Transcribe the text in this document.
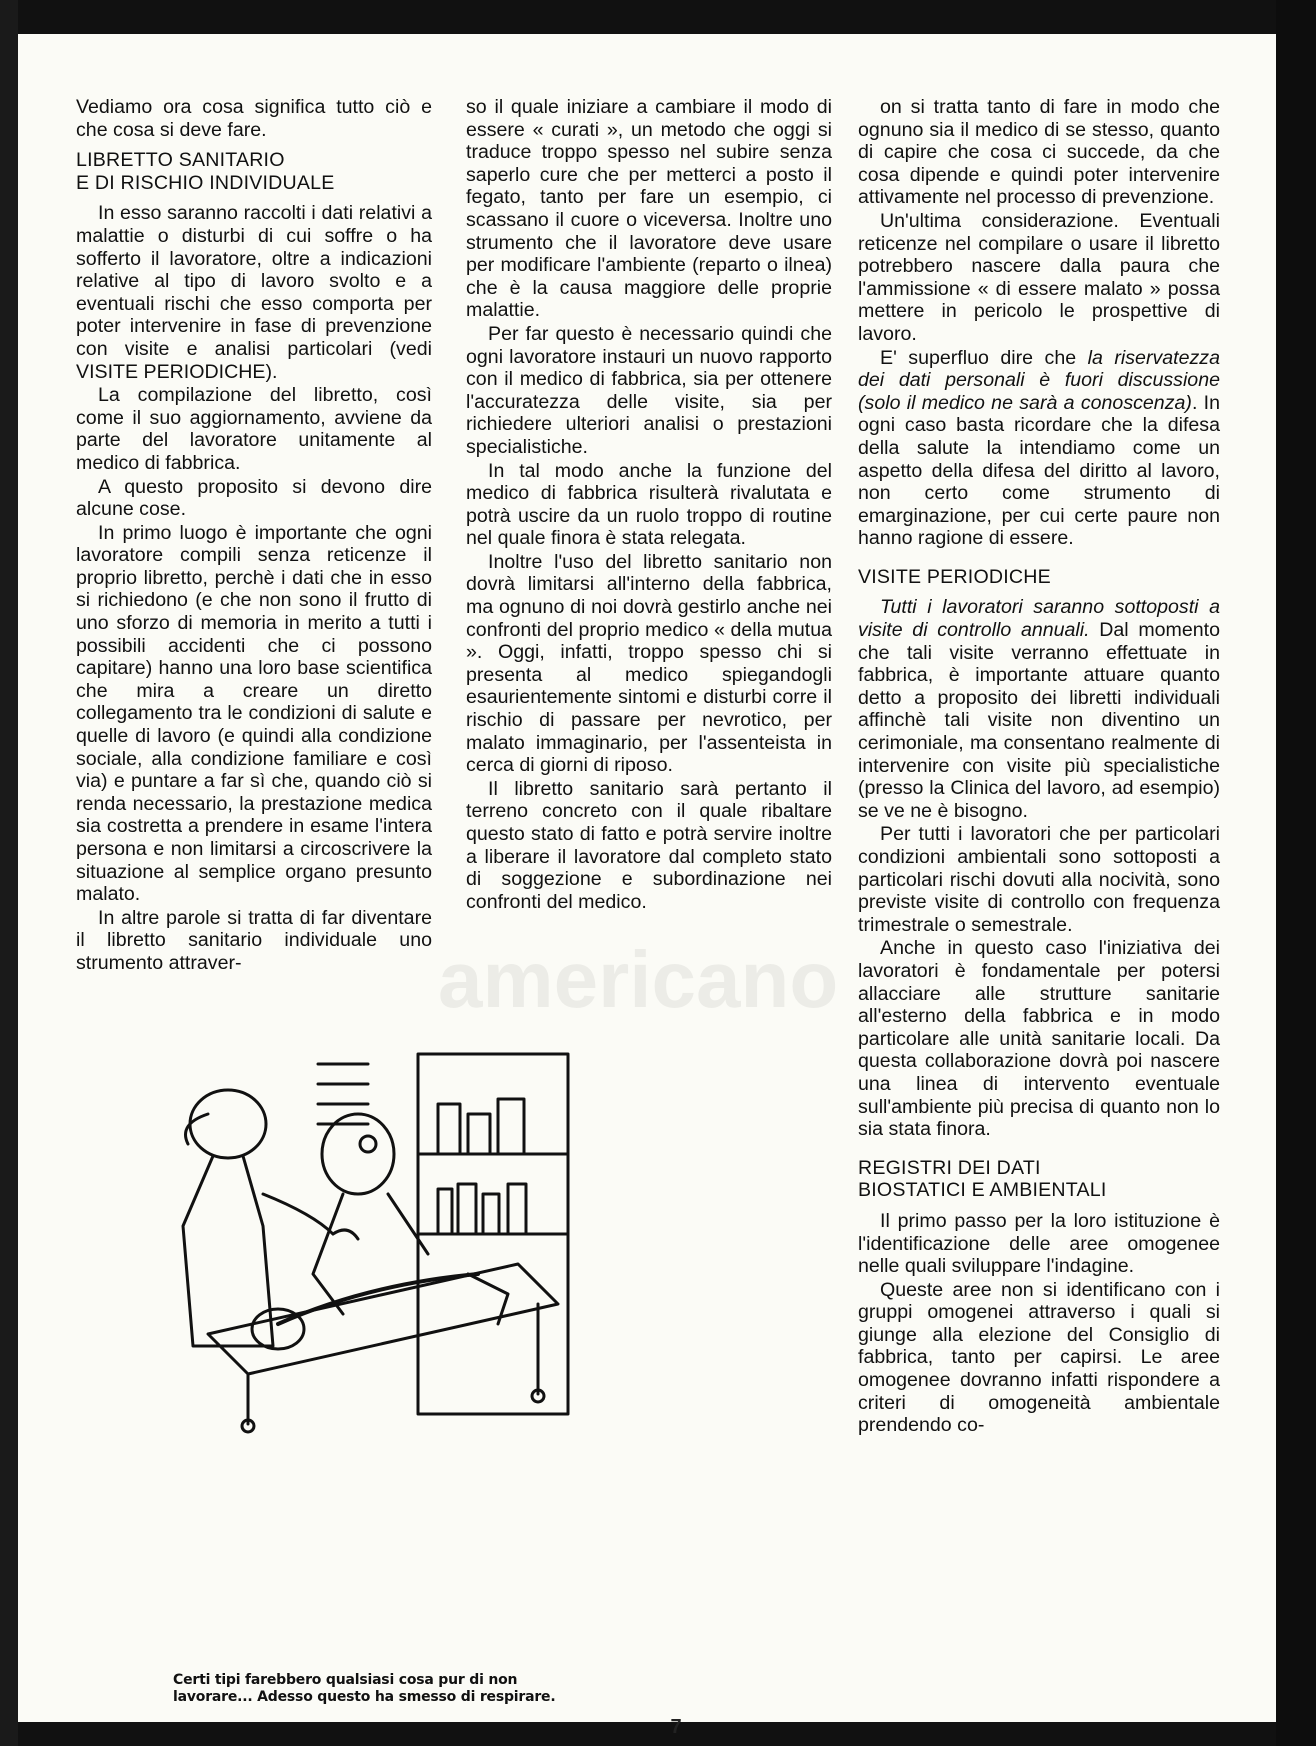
americano

Vediamo ora cosa significa tutto ciò e che cosa si deve fare.

LIBRETTO SANITARIO
E DI RISCHIO INDIVIDUALE

In esso saranno raccolti i dati relativi a malattie o disturbi di cui soffre o ha sofferto il lavoratore, oltre a indicazioni relative al tipo di lavoro svolto e a eventuali rischi che esso comporta per poter intervenire in fase di prevenzione con visite e analisi particolari (vedi VISITE PERIODICHE).

La compilazione del libretto, così come il suo aggiornamento, avviene da parte del lavoratore unitamente al medico di fabbrica.

A questo proposito si devono dire alcune cose.

In primo luogo è importante che ogni lavoratore compili senza reticenze il proprio libretto, perchè i dati che in esso si richiedono (e che non sono il frutto di uno sforzo di memoria in merito a tutti i possibili accidenti che ci possono capitare) hanno una loro base scientifica che mira a creare un diretto collegamento tra le condizioni di salute e quelle di lavoro (e quindi alla condizione sociale, alla condizione familiare e così via) e puntare a far sì che, quando ciò si renda necessario, la prestazione medica sia costretta a prendere in esame l'intera persona e non limitarsi a circoscrivere la situazione al semplice organo presunto malato.

In altre parole si tratta di far diventare il libretto sanitario individuale uno strumento attraver-

so il quale iniziare a cambiare il modo di essere « curati », un metodo che oggi si traduce troppo spesso nel subire senza saperlo cure che per metterci a posto il fegato, tanto per fare un esempio, ci scassano il cuore o viceversa. Inoltre uno strumento che il lavoratore deve usare per modificare l'ambiente (reparto o ilnea) che è la causa maggiore delle proprie malattie.

Per far questo è necessario quindi che ogni lavoratore instauri un nuovo rapporto con il medico di fabbrica, sia per ottenere l'accuratezza delle visite, sia per richiedere ulteriori analisi o prestazioni specialistiche.

In tal modo anche la funzione del medico di fabbrica risulterà rivalutata e potrà uscire da un ruolo troppo di routine nel quale finora è stata relegata.

Inoltre l'uso del libretto sanitario non dovrà limitarsi all'interno della fabbrica, ma ognuno di noi dovrà gestirlo anche nei confronti del proprio medico « della mutua ». Oggi, infatti, troppo spesso chi si presenta al medico spiegandogli esaurientemente sintomi e disturbi corre il rischio di passare per nevrotico, per malato immaginario, per l'assenteista in cerca di giorni di riposo.

Il libretto sanitario sarà pertanto il terreno concreto con il quale ribaltare questo stato di fatto e potrà servire inoltre a liberare il lavoratore dal completo stato di soggezione e subordinazione nei confronti del medico.

on si tratta tanto di fare in modo che ognuno sia il medico di se stesso, quanto di capire che cosa ci succede, da che cosa dipende e quindi poter intervenire attivamente nel processo di prevenzione.

Un'ultima considerazione. Eventuali reticenze nel compilare o usare il libretto potrebbero nascere dalla paura che l'ammissione « di essere malato » possa mettere in pericolo le prospettive di lavoro.

E' superfluo dire che la riservatezza dei dati personali è fuori discussione (solo il medico ne sarà a conoscenza). In ogni caso basta ricordare che la difesa della salute la intendiamo come un aspetto della difesa del diritto al lavoro, non certo come strumento di emarginazione, per cui certe paure non hanno ragione di essere.

VISITE PERIODICHE

Tutti i lavoratori saranno sottoposti a visite di controllo annuali. Dal momento che tali visite verranno effettuate in fabbrica, è importante attuare quanto detto a proposito dei libretti individuali affinchè tali visite non diventino un cerimoniale, ma consentano realmente di intervenire con visite più specialistiche (presso la Clinica del lavoro, ad esempio) se ve ne è bisogno.

Per tutti i lavoratori che per particolari condizioni ambientali sono sottoposti a particolari rischi dovuti alla nocività, sono previste visite di controllo con frequenza trimestrale o semestrale.

Anche in questo caso l'iniziativa dei lavoratori è fondamentale per potersi allacciare alle strutture sanitarie all'esterno della fabbrica e in modo particolare alle unità sanitarie locali. Da questa collaborazione dovrà poi nascere una linea di intervento eventuale sull'ambiente più precisa di quanto non lo sia stata finora.

REGISTRI DEI DATI
BIOSTATICI E AMBIENTALI

Il primo passo per la loro istituzione è l'identificazione delle aree omogenee nelle quali sviluppare l'indagine.

Queste aree non si identificano con i gruppi omogenei attraverso i quali si giunge alla elezione del Consiglio di fabbrica, tanto per capirsi. Le aree omogenee dovranno infatti rispondere a criteri di omogeneità ambientale prendendo co-

Certi tipi farebbero qualsiasi cosa pur di non lavorare... Adesso questo ha smesso di respirare.
7
